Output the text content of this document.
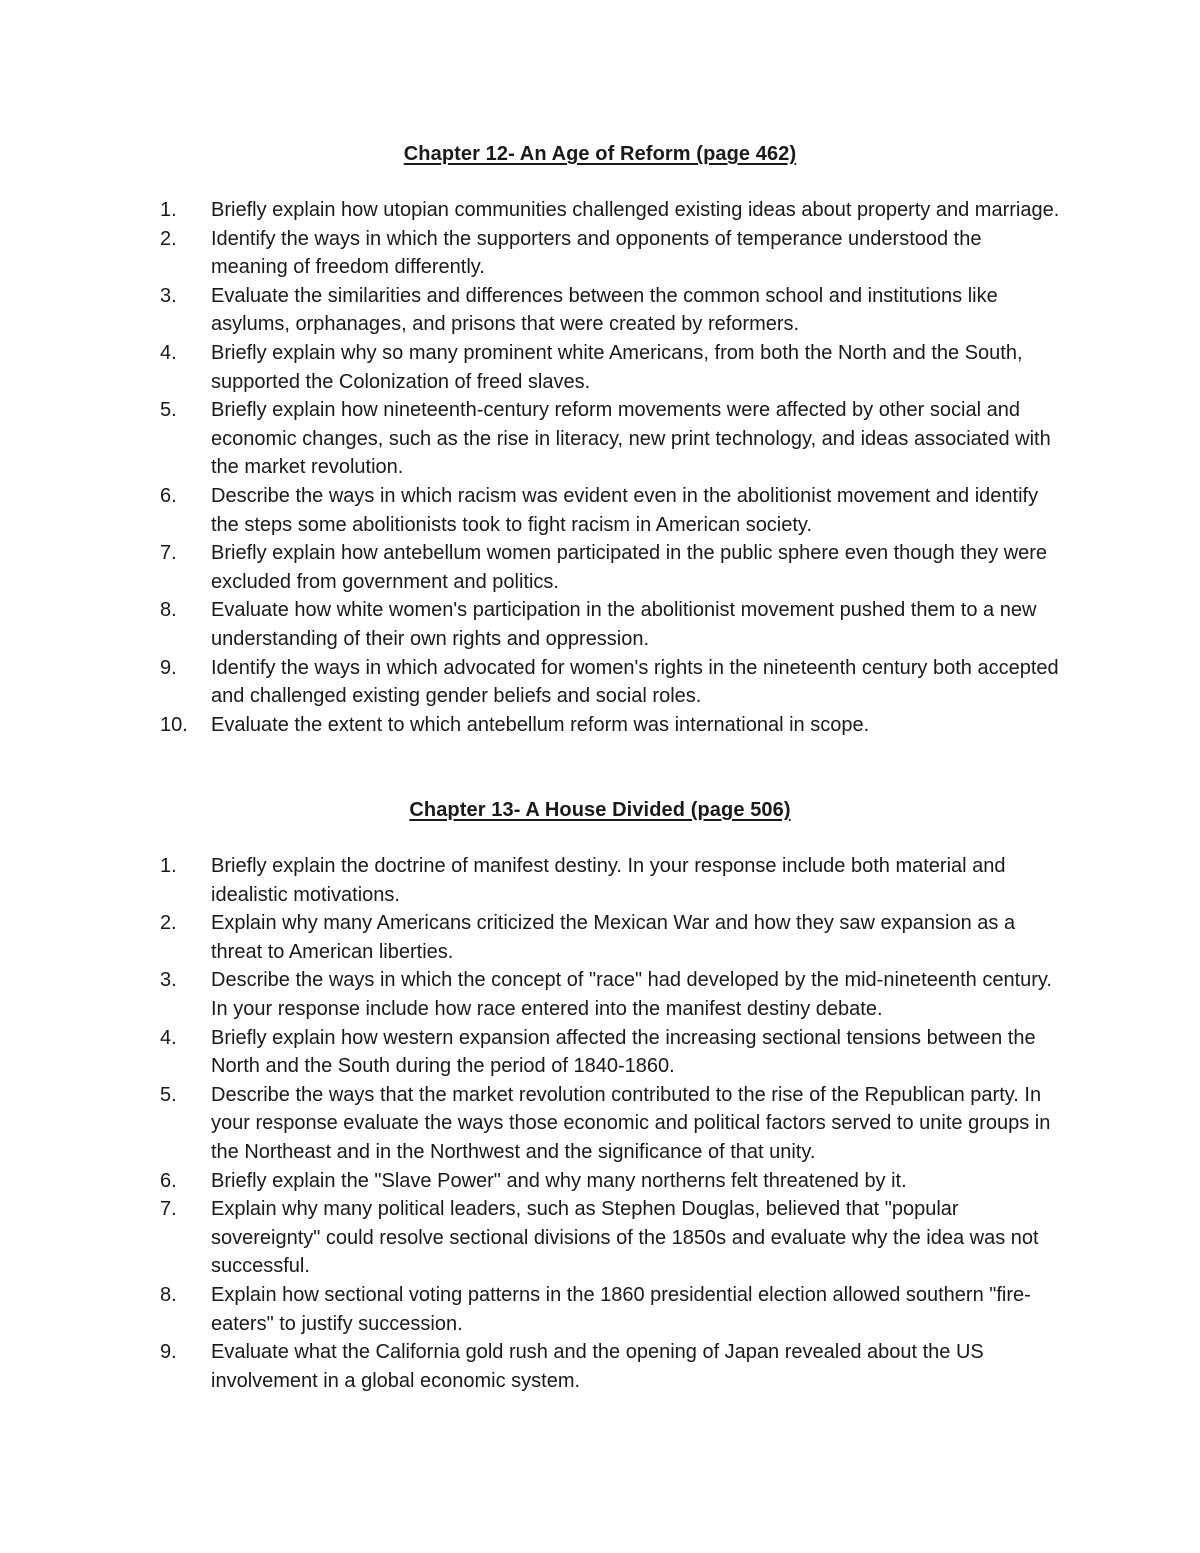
Chapter 12- An Age of Reform (page 462)
1.	Briefly explain how utopian communities challenged existing ideas about property and marriage.
2.	Identify the ways in which the supporters and opponents of temperance understood the meaning of freedom differently.
3.	Evaluate the similarities and differences between the common school and institutions like asylums, orphanages, and prisons that were created by reformers.
4.	Briefly explain why so many prominent white Americans, from both the North and the South, supported the Colonization of freed slaves.
5.	Briefly explain how nineteenth-century reform movements were affected by other social and economic changes, such as the rise in literacy, new print technology, and ideas associated with the market revolution.
6.	Describe the ways in which racism was evident even in the abolitionist movement and identify the steps some abolitionists took to fight racism in American society.
7.	Briefly explain how antebellum women participated in the public sphere even though they were excluded from government and politics.
8.	Evaluate how white women's participation in the abolitionist movement pushed them to a new understanding of their own rights and oppression.
9.	Identify the ways in which advocated for women's rights in the nineteenth century both accepted and challenged existing gender beliefs and social roles.
10.	Evaluate the extent to which antebellum reform was international in scope.
Chapter 13- A House Divided (page 506)
1.	Briefly explain the doctrine of manifest destiny. In your response include both material and idealistic motivations.
2.	Explain why many Americans criticized the Mexican War and how they saw expansion as a threat to American liberties.
3.	Describe the ways in which the concept of "race" had developed by the mid-nineteenth century. In your response include how race entered into the manifest destiny debate.
4.	Briefly explain how western expansion affected the increasing sectional tensions between the North and the South during the period of 1840-1860.
5.	Describe the ways that the market revolution contributed to the rise of the Republican party. In your response evaluate the ways those economic and political factors served to unite groups in the Northeast and in the Northwest and the significance of that unity.
6.	Briefly explain the "Slave Power" and why many northerns felt threatened by it.
7.	Explain why many political leaders, such as Stephen Douglas, believed that "popular sovereignty" could resolve sectional divisions of the 1850s and evaluate why the idea was not successful.
8.	Explain how sectional voting patterns in the 1860 presidential election allowed southern "fire-eaters" to justify succession.
9.	Evaluate what the California gold rush and the opening of Japan revealed about the US involvement in a global economic system.
